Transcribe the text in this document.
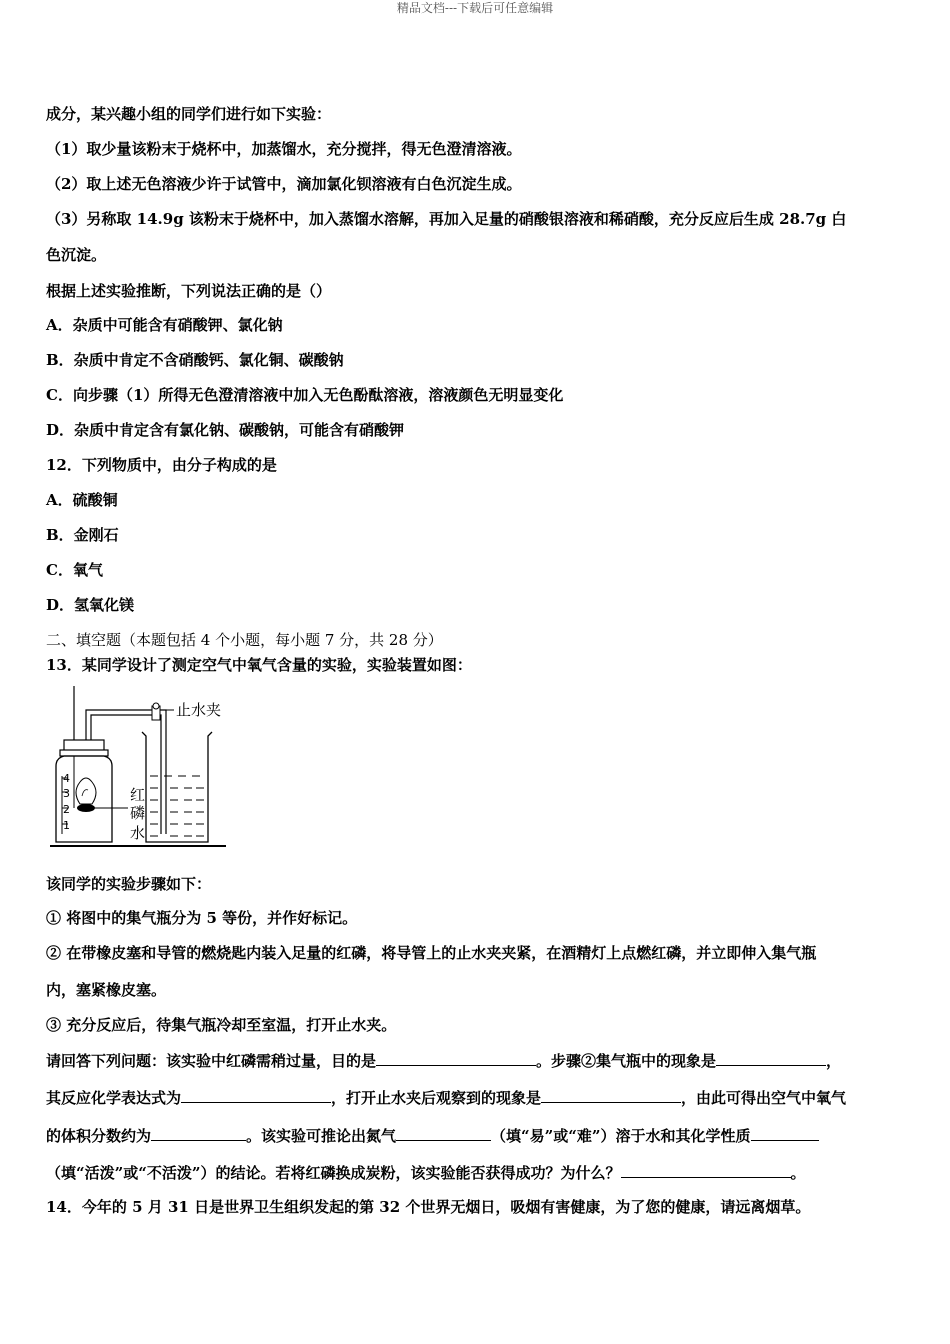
精品文档---下载后可任意编辑
成分，某兴趣小组的同学们进行如下实验：
（1）取少量该粉末于烧杯中，加蒸馏水，充分搅拌，得无色澄清溶液。
（2）取上述无色溶液少许于试管中，滴加氯化钡溶液有白色沉淀生成。
（3）另称取 14.9g 该粉末于烧杯中，加入蒸馏水溶解，再加入足量的硝酸银溶液和稀硝酸，充分反应后生成 28.7g 白
色沉淀。
根据上述实验推断，下列说法正确的是（）
A．杂质中可能含有硝酸钾、氯化钠
B．杂质中肯定不含硝酸钙、氯化铜、碳酸钠
C．向步骤（1）所得无色澄清溶液中加入无色酚酞溶液，溶液颜色无明显变化
D．杂质中肯定含有氯化钠、碳酸钠，可能含有硝酸钾
12．下列物质中，由分子构成的是
A．硫酸铜
B．金刚石
C．氧气
D．氢氧化镁
二、填空题（本题包括 4 个小题，每小题 7 分，共 28 分）
13．某同学设计了测定空气中氧气含量的实验，实验装置如图：
4
3
2
1
止水夹
红
磷
水
该同学的实验步骤如下：
① 将图中的集气瓶分为 5 等份，并作好标记。
② 在带橡皮塞和导管的燃烧匙内装入足量的红磷，将导管上的止水夹夹紧，在酒精灯上点燃红磷，并立即伸入集气瓶
内，塞紧橡皮塞。
③ 充分反应后，待集气瓶冷却至室温，打开止水夹。
请回答下列问题：该实验中红磷需稍过量，目的是	。步骤②集气瓶中的现象是	，
其反应化学表达式为	，打开止水夹后观察到的现象是	，由此可得出空气中氧气
的体积分数约为	。该实验可推论出氮气	（填“易”或“难”）溶于水和其化学性质
（填“活泼”或“不活泼”）的结论。若将红磷换成炭粉，该实验能否获得成功？为什么？	。
14．今年的 5 月 31 日是世界卫生组织发起的第 32 个世界无烟日，吸烟有害健康，为了您的健康，请远离烟草。
